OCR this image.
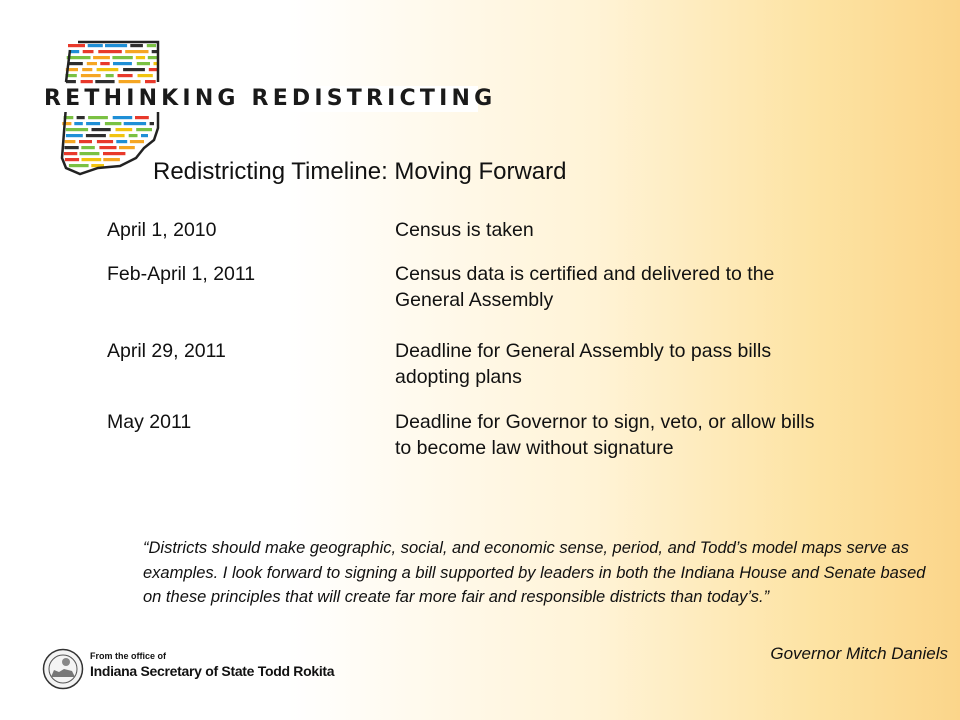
RETHINKING REDISTRICTING
Redistricting Timeline: Moving Forward
April 1, 2010	Census is taken
Feb-April 1, 2011	Census data is certified and delivered to the General Assembly
April 29, 2011	Deadline for General Assembly to pass bills adopting plans
May 2011	Deadline for Governor to sign, veto, or allow bills to become law without signature
“Districts should make geographic, social, and economic sense, period, and Todd’s model maps serve as examples. I look forward to signing a bill supported by leaders in both the Indiana House and Senate based on these principles that will create far more fair and responsible districts than today’s.”
Governor Mitch Daniels
From the office of
Indiana Secretary of State Todd Rokita
